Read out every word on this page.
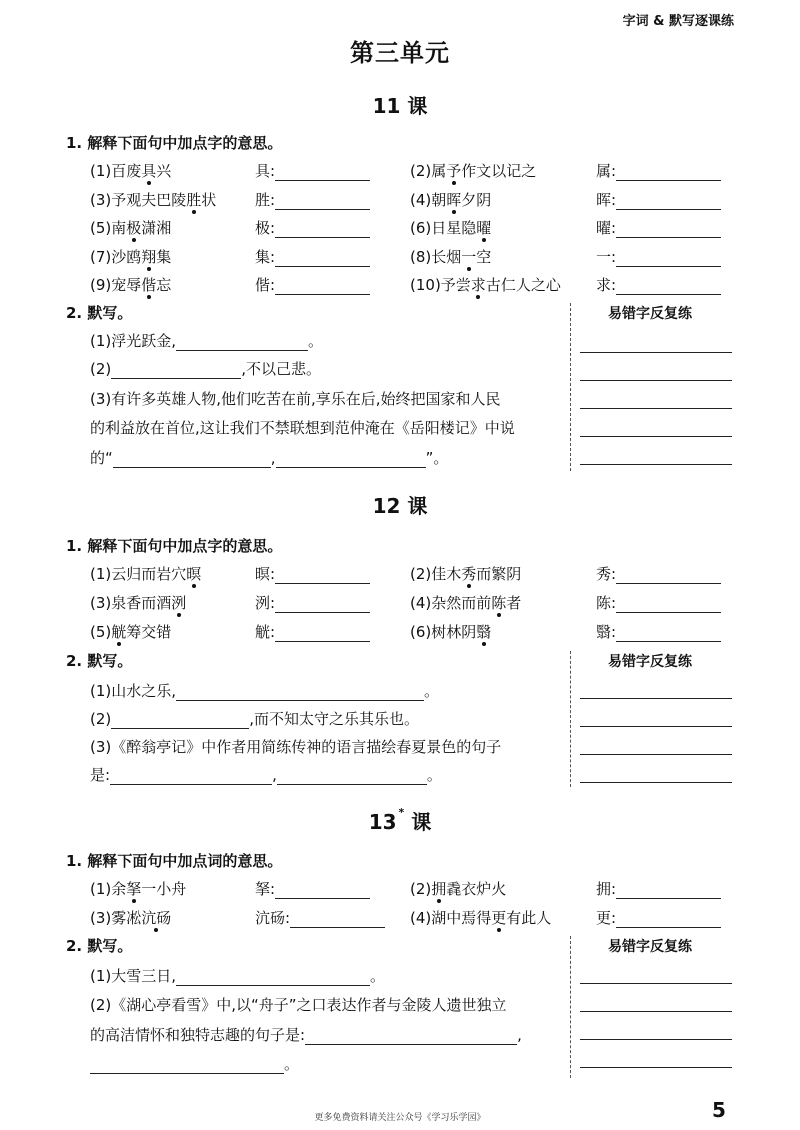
字词 & 默写逐课练
第三单元
11 课
1. 解释下面句中加点字的意思。
(1)百废具兴	具:	(2)属予作文以记之	属:
(3)予观夫巴陵胜状	胜:	(4)朝晖夕阴	晖:
(5)南极潇湘	极:	(6)日星隐曜	曜:
(7)沙鸥翔集	集:	(8)长烟一空	一:
(9)宠辱偕忘	偕:	(10)予尝求古仁人之心 求:
2. 默写。
(1)浮光跃金,	。
(2)	,不以己悲。
(3)有许多英雄人物,他们吃苦在前,享乐在后,始终把国家和人民
的利益放在首位,这让我们不禁联想到范仲淹在《岳阳楼记》中说
的“	,	”。
易错字反复练
12 课
1. 解释下面句中加点字的意思。
(1)云归而岩穴暝	暝:	(2)佳木秀而繁阴	秀:
(3)泉香而酒洌	洌:	(4)杂然而前陈者	陈:
(5)觥筹交错	觥:	(6)树林阴翳	翳:
2. 默写。
(1)山水之乐,	。
(2)	,而不知太守之乐其乐也。
(3)《醉翁亭记》中作者用简练传神的语言描绘春夏景色的句子
是:	,	。
易错字反复练
13 * 课
1. 解释下面句中加点词的意思。
(1)余拏一小舟	拏:	(2)拥毳衣炉火	拥:
(3)雾凇沆砀	沆砀:	(4)湖中焉得更有此人	更:
2. 默写。
(1)大雪三日,	。
(2)《湖心亭看雪》中,以“舟子”之口表达作者与金陵人遗世独立
的高洁情怀和独特志趣的句子是:	,
。
易错字反复练
更多免费资料请关注公众号《学习乐学园》	5
